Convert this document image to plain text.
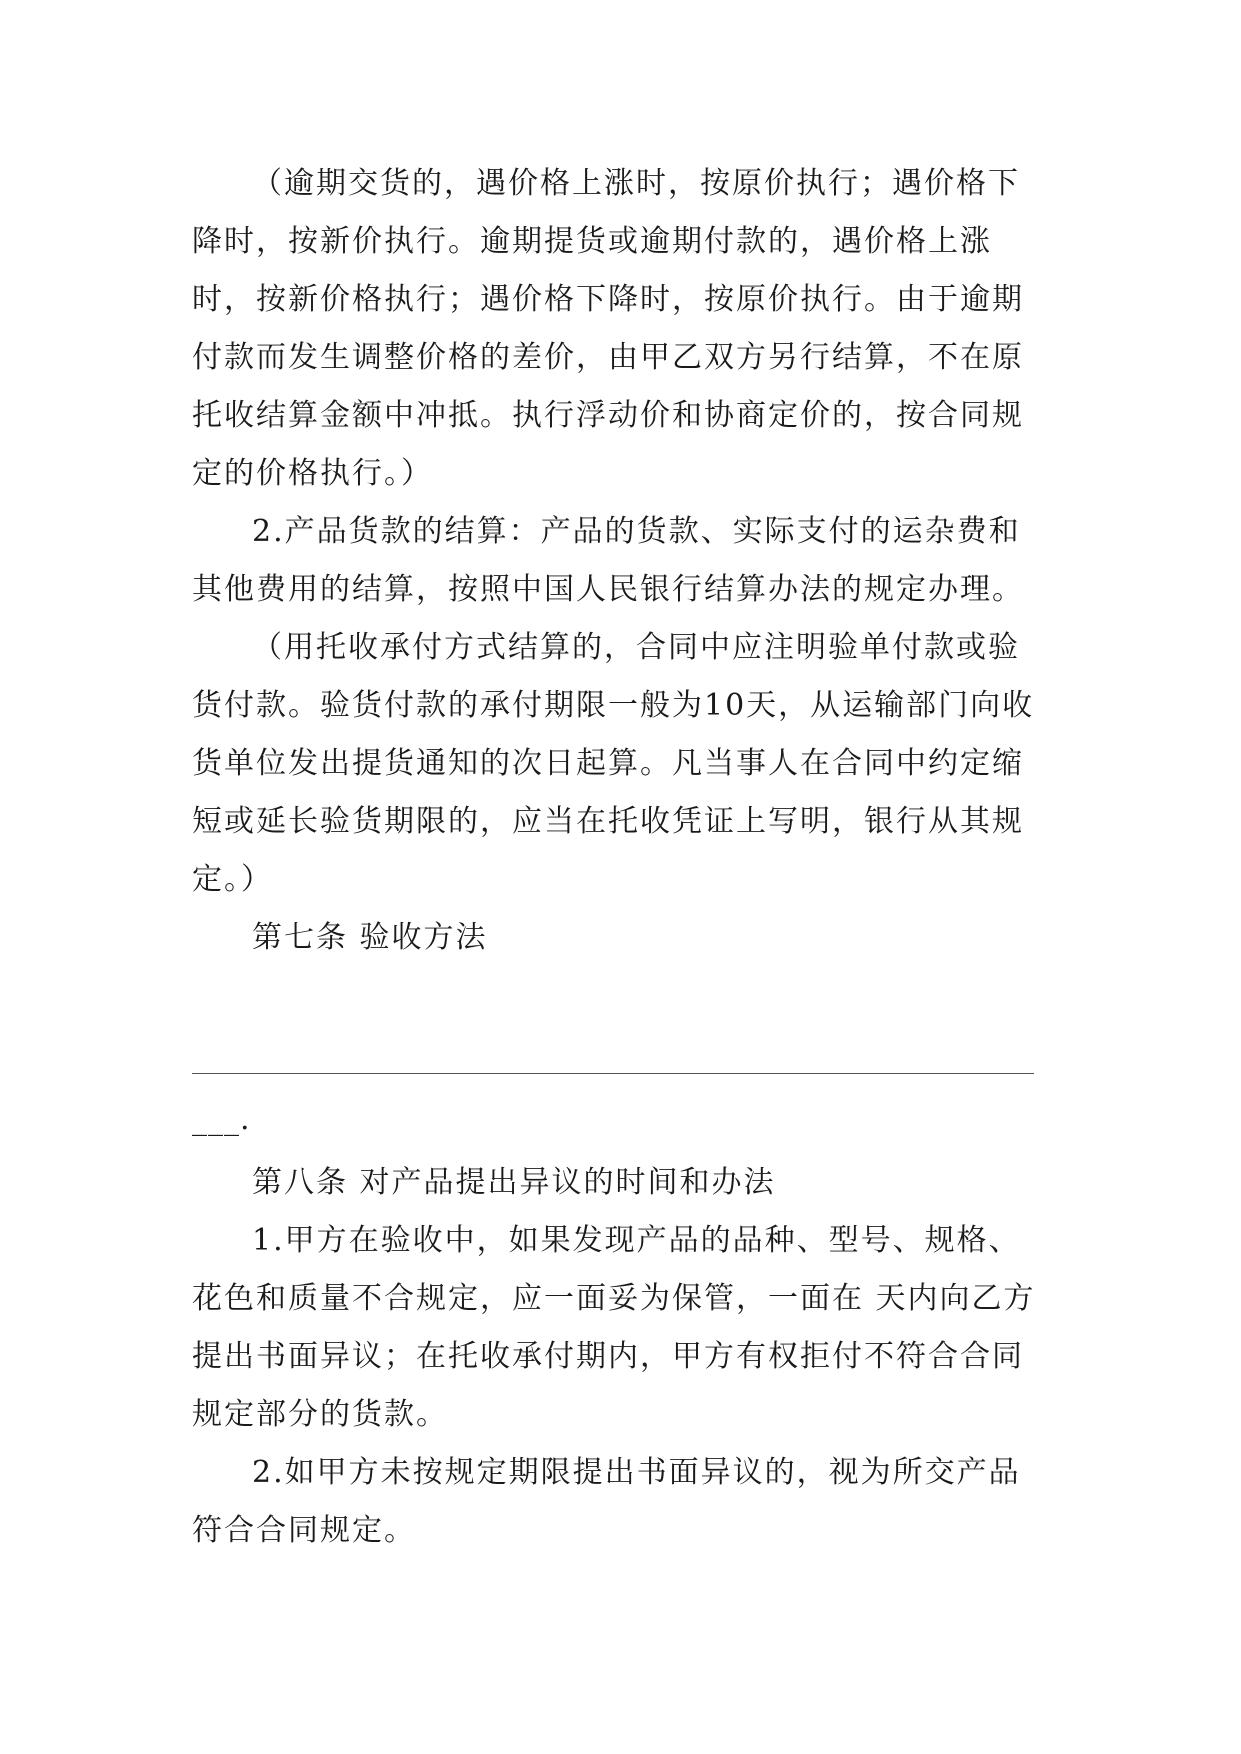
（逾期交货的，遇价格上涨时，按原价执行；遇价格下降时，按新价执行。逾期提货或逾期付款的，遇价格上涨时，按新价格执行；遇价格下降时，按原价执行。由于逾期付款而发生调整价格的差价，由甲乙双方另行结算，不在原托收结算金额中冲抵。执行浮动价和协商定价的，按合同规定的价格执行。）

2.产品货款的结算：产品的货款、实际支付的运杂费和其他费用的结算，按照中国人民银行结算办法的规定办理。

（用托收承付方式结算的，合同中应注明验单付款或验货付款。验货付款的承付期限一般为10天，从运输部门向收货单位发出提货通知的次日起算。凡当事人在合同中约定缩短或延长验货期限的，应当在托收凭证上写明，银行从其规定。）

第七条 验收方法

___.

第八条 对产品提出异议的时间和办法

1.甲方在验收中，如果发现产品的品种、型号、规格、花色和质量不合规定，应一面妥为保管，一面在 天内向乙方提出书面异议；在托收承付期内，甲方有权拒付不符合合同规定部分的货款。

2.如甲方未按规定期限提出书面异议的，视为所交产品符合合同规定。
